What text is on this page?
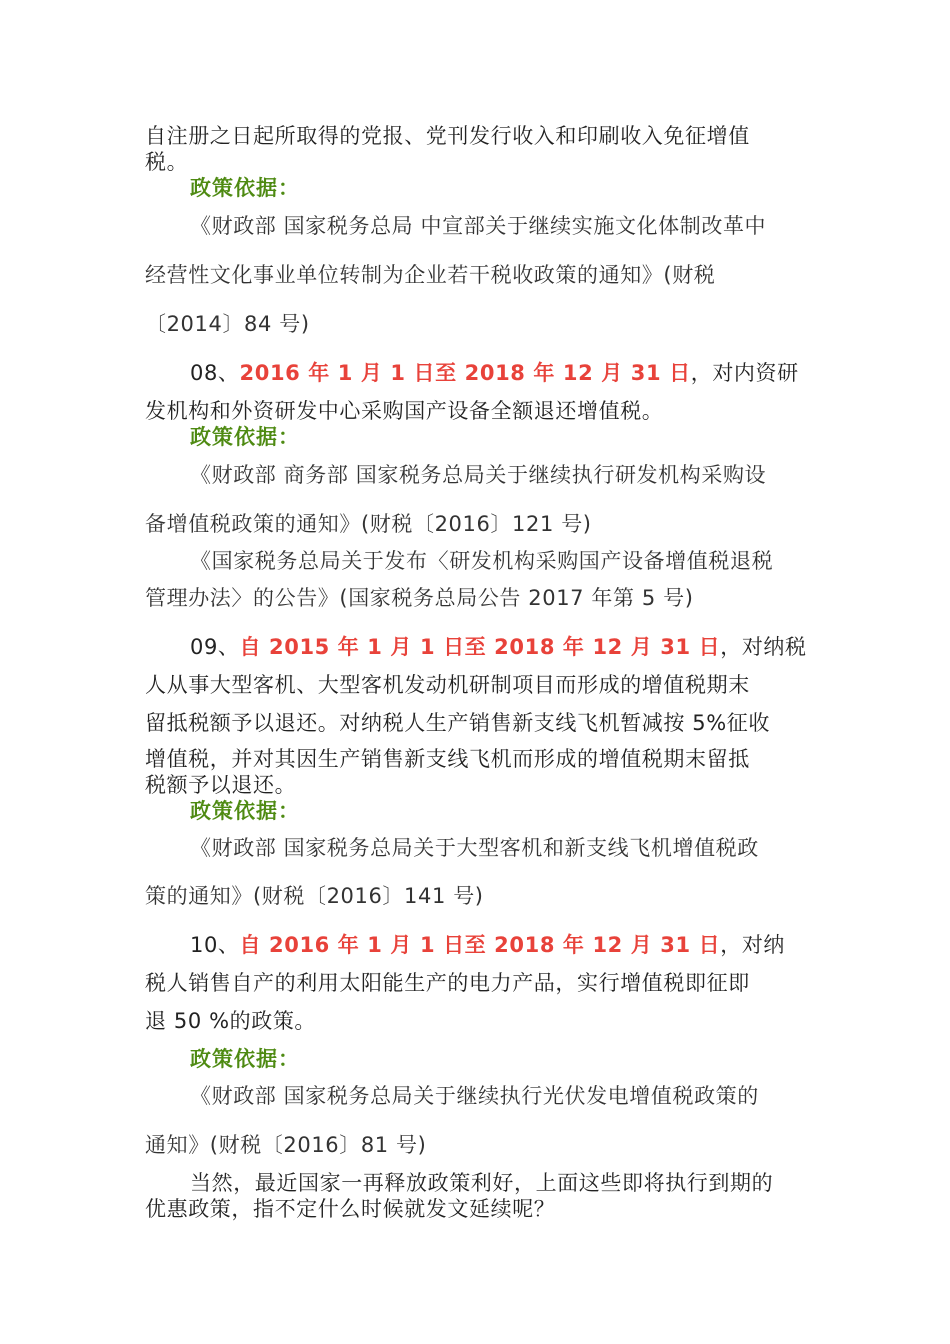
自注册之日起所取得的党报、党刊发行收入和印刷收入免征增值
税。
政策依据：
《财政部 国家税务总局 中宣部关于继续实施文化体制改革中
经营性文化事业单位转制为企业若干税收政策的通知》(财税
〔2014〕84 号)
08、2016 年 1 月 1 日至 2018 年 12 月 31 日，对内资研
发机构和外资研发中心采购国产设备全额退还增值税。
政策依据：
《财政部 商务部 国家税务总局关于继续执行研发机构采购设
备增值税政策的通知》(财税〔2016〕121 号)
《国家税务总局关于发布〈研发机构采购国产设备增值税退税
管理办法〉的公告》(国家税务总局公告 2017 年第 5 号)
09、自 2015 年 1 月 1 日至 2018 年 12 月 31 日，对纳税
人从事大型客机、大型客机发动机研制项目而形成的增值税期末
留抵税额予以退还。对纳税人生产销售新支线飞机暂减按 5%征收
增值税，并对其因生产销售新支线飞机而形成的增值税期末留抵
税额予以退还。
政策依据：
《财政部 国家税务总局关于大型客机和新支线飞机增值税政
策的通知》(财税〔2016〕141 号)
10、自 2016 年 1 月 1 日至 2018 年 12 月 31 日，对纳
税人销售自产的利用太阳能生产的电力产品，实行增值税即征即
退 50 %的政策。
政策依据：
《财政部 国家税务总局关于继续执行光伏发电增值税政策的
通知》(财税〔2016〕81 号)
当然，最近国家一再释放政策利好，上面这些即将执行到期的
优惠政策，指不定什么时候就发文延续呢？
